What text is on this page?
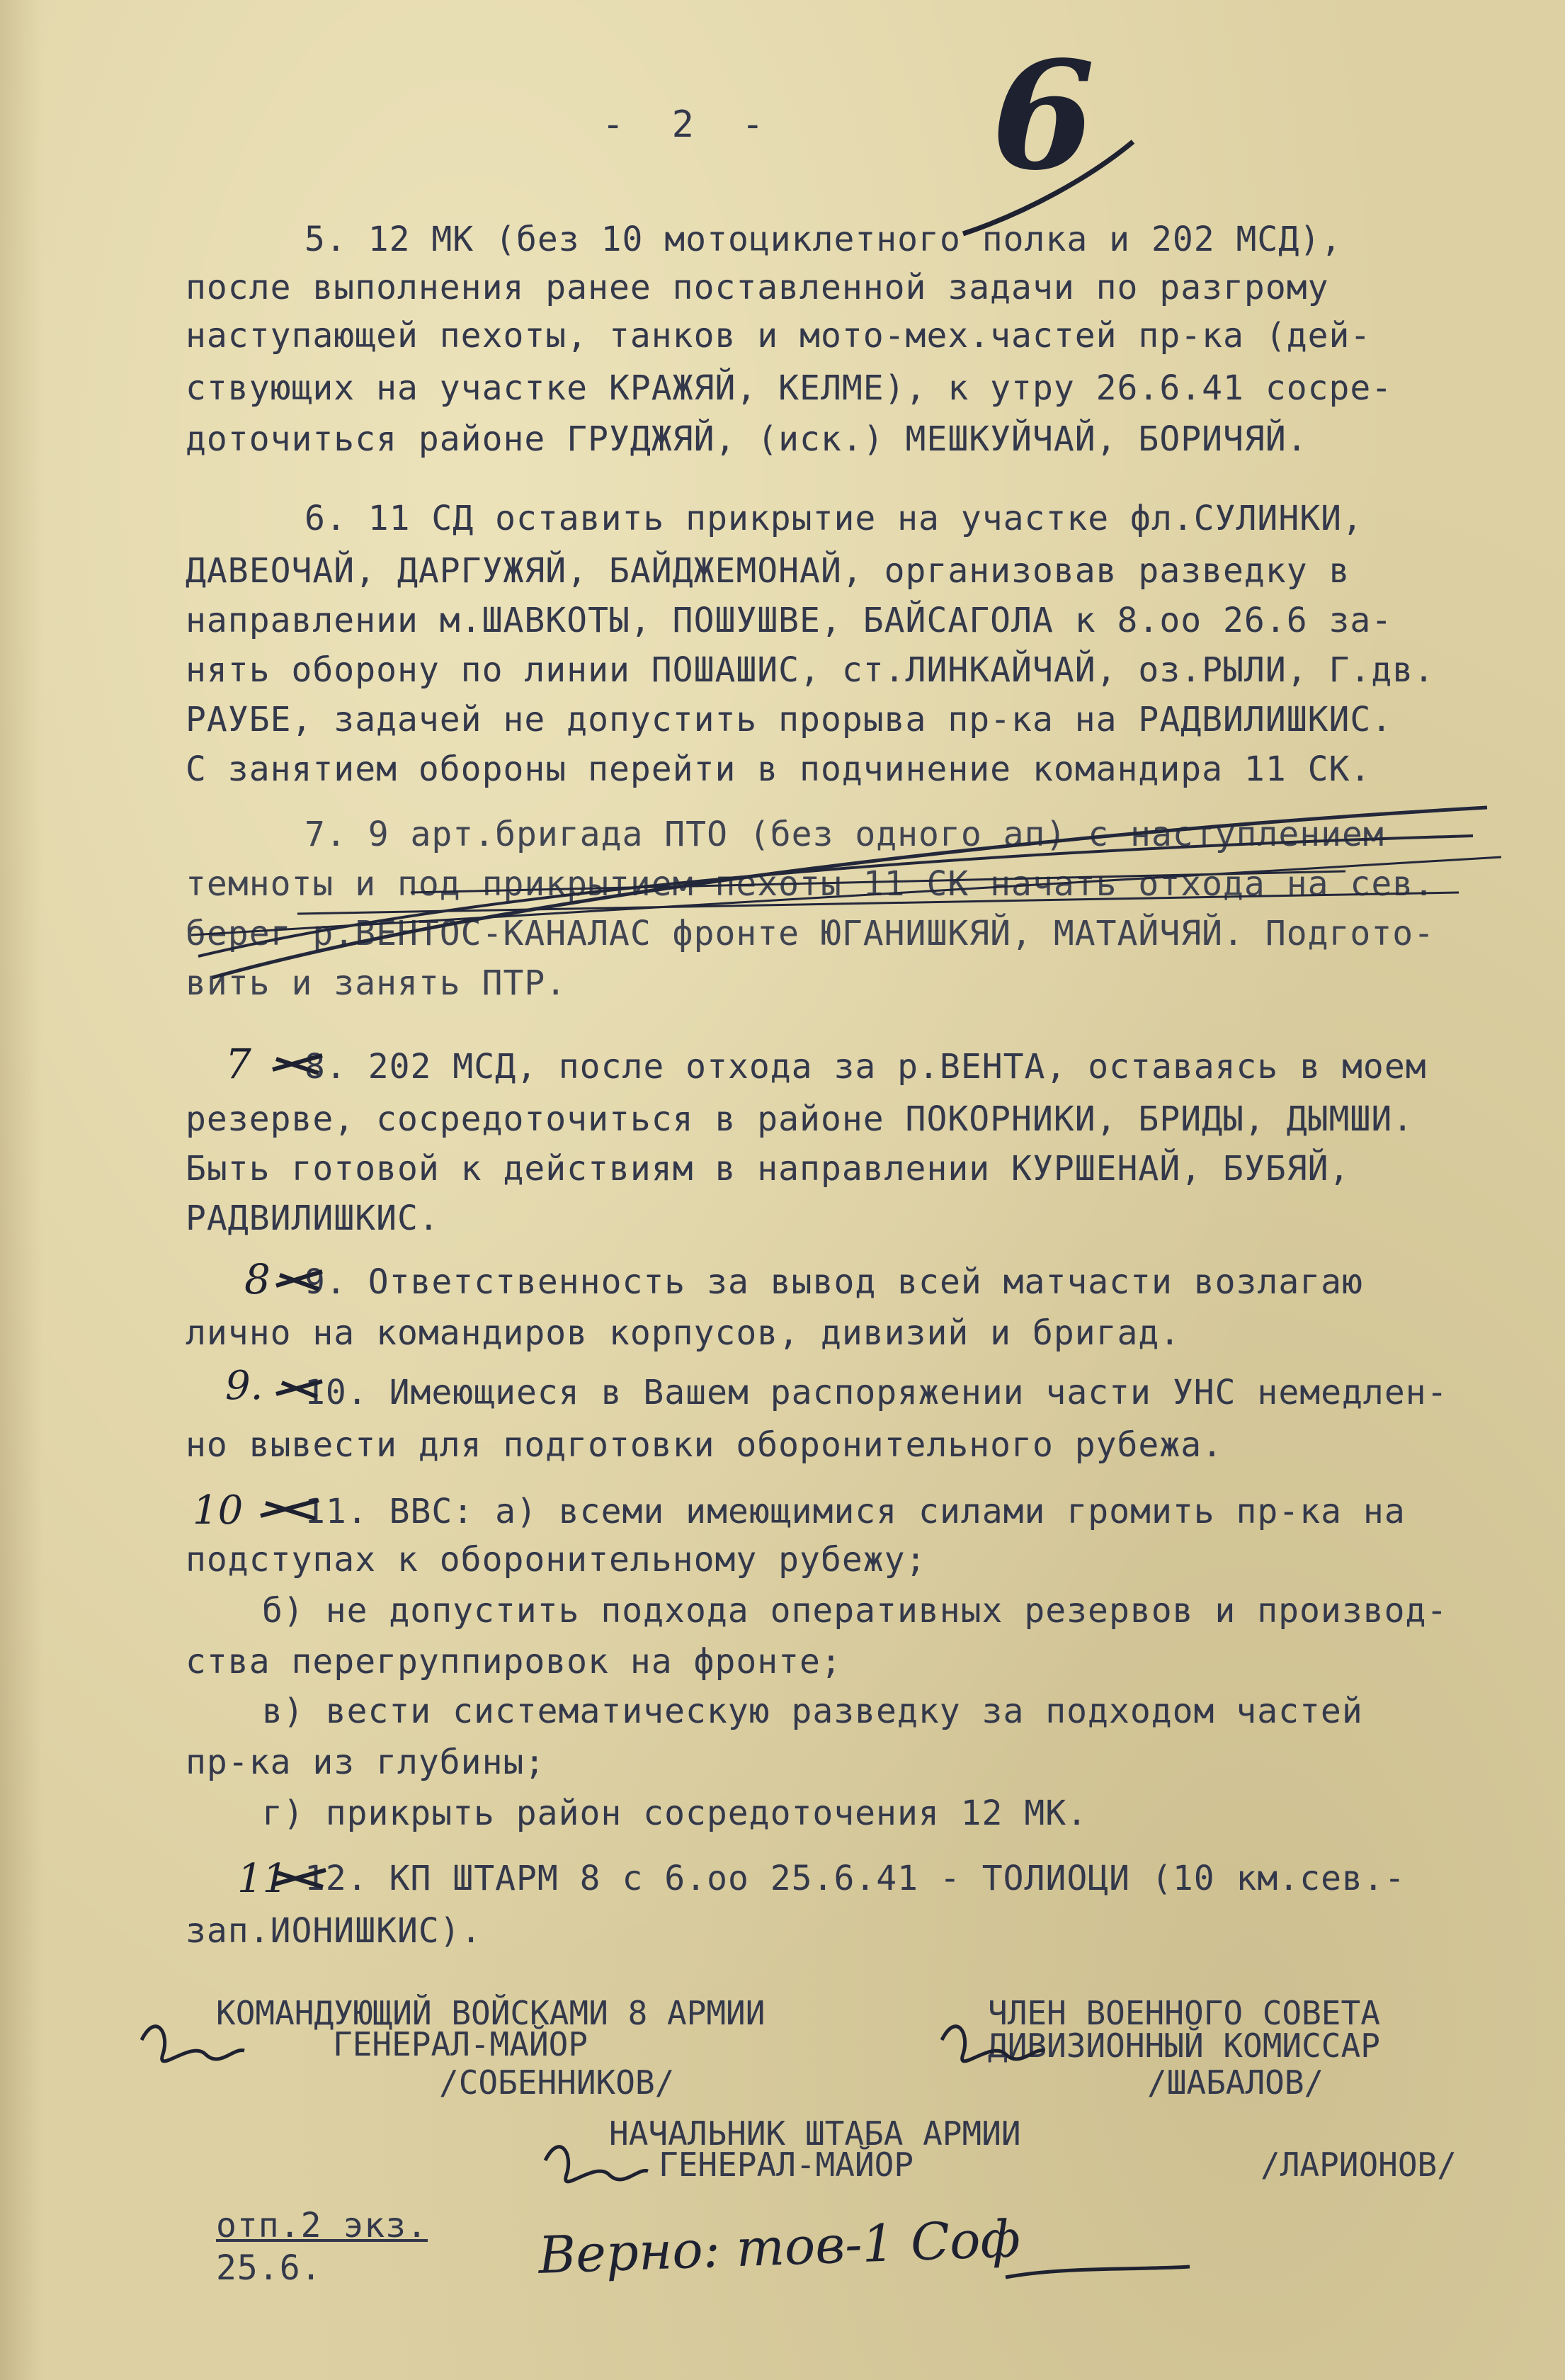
- 2 - 6
5. 12 МК (без 10 мотоциклетного полка и 202 МСД),
после выполнения ранее поставленной задачи по разгрому
наступающей пехоты, танков и мото-мех.частей пр-ка (дей-
ствующих на участке КРАЖЯЙ, КЕЛМЕ), к утру 26.6.41 сосре-
доточиться районе ГРУДЖЯЙ, (иск.) МЕШКУЙЧАЙ, БОРИЧЯЙ.
6. 11 СД оставить прикрытие на участке фл.СУЛИНКИ,
ДАВЕОЧАЙ, ДАРГУЖЯЙ, БАЙДЖЕМОНАЙ, организовав разведку в
направлении м.ШАВКОТЫ, ПОШУШВЕ, БАЙСАГОЛА к 8.оо 26.6 за-
нять оборону по линии ПОШАШИС, ст.ЛИНКАЙЧАЙ, оз.РЫЛИ, Г.дв.
РАУБЕ, задачей не допустить прорыва пр-ка на РАДВИЛИШКИС.
С занятием обороны перейти в подчинение командира 11 СК.
7. 9 арт.бригада ПТО (без одного ап) с наступлением
темноты и под прикрытием пехоты 11 СК начать отхода на сев.
берег р.ВЕНТОС-КАНАЛАС фронте ЮГАНИШКЯЙ, МАТАЙЧЯЙ. Подгото-
вить и занять ПТР.
7 8. 202 МСД, после отхода за р.ВЕНТА, оставаясь в моем
резерве, сосредоточиться в районе ПОКОРНИКИ, БРИДЫ, ДЫМШИ.
Быть готовой к действиям в направлении КУРШЕНАЙ, БУБЯЙ,
РАДВИЛИШКИС.
8 9. Ответственность за вывод всей матчасти возлагаю
лично на командиров корпусов, дивизий и бригад.
9. 10. Имеющиеся в Вашем распоряжении части УНС немедлен-
но вывести для подготовки оборонительного рубежа.
10 11. ВВС: а) всеми имеющимися силами громить пр-ка на
подступах к оборонительному рубежу;
б) не допустить подхода оперативных резервов и производ-
ства перегруппировок на фронте;
в) вести систематическую разведку за подходом частей
пр-ка из глубины;
г) прикрыть район сосредоточения 12 МК.
11 12. КП ШТАРМ 8 с 6.оо 25.6.41 - ТОЛИОЦИ (10 км.сев.-
зап.ИОНИШКИС).
КОМАНДУЮЩИЙ ВОЙСКАМИ 8 АРМИИ
ГЕНЕРАЛ-МАЙОР
/СОБЕННИКОВ/
ЧЛЕН ВОЕННОГО СОВЕТА
ДИВИЗИОННЫЙ КОМИССАР
/ШАБАЛОВ/
НАЧАЛЬНИК ШТАБА АРМИИ
ГЕНЕРАЛ-МАЙОР	/ЛАРИОНОВ/
отп.2 экз.
25.6.	Верно: тов-1 Соф
